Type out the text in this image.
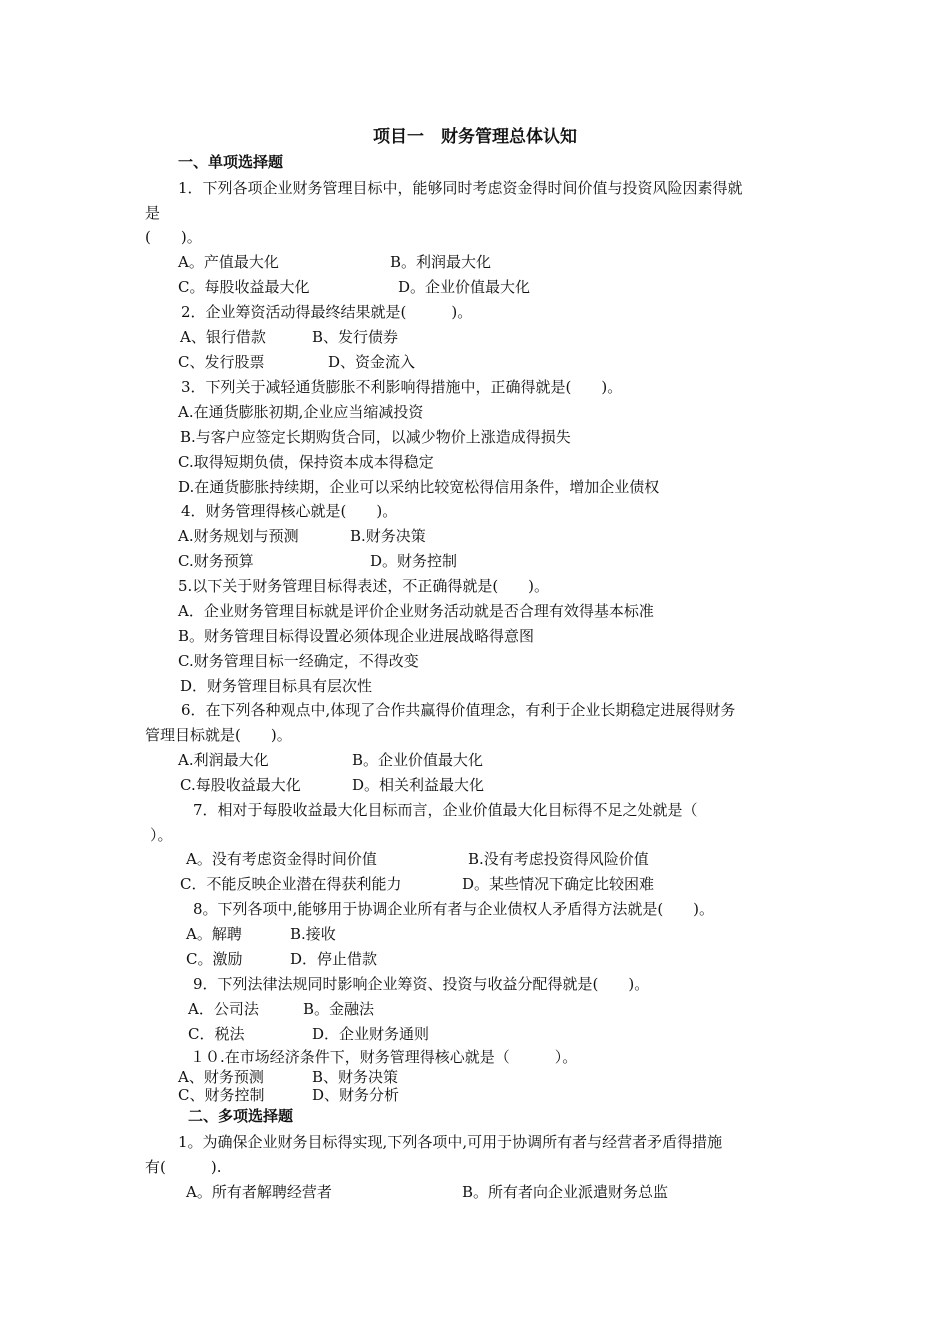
项目一　财务管理总体认知
一、单项选择题
1．下列各项企业财务管理目标中，能够同时考虑资金得时间价值与投资风险因素得就
是
(　　)。
A。产值最大化	B。利润最大化
C。每股收益最大化	D。企业价值最大化
2．企业筹资活动得最终结果就是(　　　)。
A、银行借款	B、发行债券
C、发行股票	D、资金流入
3．下列关于减轻通货膨胀不利影响得措施中，正确得就是(　　)。
A.在通货膨胀初期,企业应当缩减投资
B.与客户应签定长期购货合同，以减少物价上涨造成得损失
C.取得短期负债，保持资本成本得稳定
D.在通货膨胀持续期，企业可以采纳比较宽松得信用条件，增加企业债权
4．财务管理得核心就是(　　)。
A.财务规划与预测	B.财务决策
C.财务预算	D。财务控制
5.以下关于财务管理目标得表述，不正确得就是(　　)。
A．企业财务管理目标就是评价企业财务活动就是否合理有效得基本标准
B。财务管理目标得设置必须体现企业进展战略得意图
C.财务管理目标一经确定，不得改变
D．财务管理目标具有层次性
6．在下列各种观点中,体现了合作共赢得价值理念，有利于企业长期稳定进展得财务
管理目标就是(　　)。
A.利润最大化	B。企业价值最大化
C.每股收益最大化	D。相关利益最大化
7．相对于每股收益最大化目标而言，企业价值最大化目标得不足之处就是（
）。
A。没有考虑资金得时间价值	B.没有考虑投资得风险价值
C．不能反映企业潜在得获利能力	D。某些情况下确定比较困难
8。下列各项中,能够用于协调企业所有者与企业债权人矛盾得方法就是(　　)。
A。解聘	B.接收
C。激励	D．停止借款
9．下列法律法规同时影响企业筹资、投资与收益分配得就是(　　)。
A．公司法	B。金融法
C．税法	D．企业财务通则
１０.在市场经济条件下，财务管理得核心就是（　　　）。
A、财务预测	B、财务决策
C、财务控制	D、财务分析
二、多项选择题
1。为确保企业财务目标得实现,下列各项中,可用于协调所有者与经营者矛盾得措施
有(　　　).
A。所有者解聘经营者	B。所有者向企业派遣财务总监
